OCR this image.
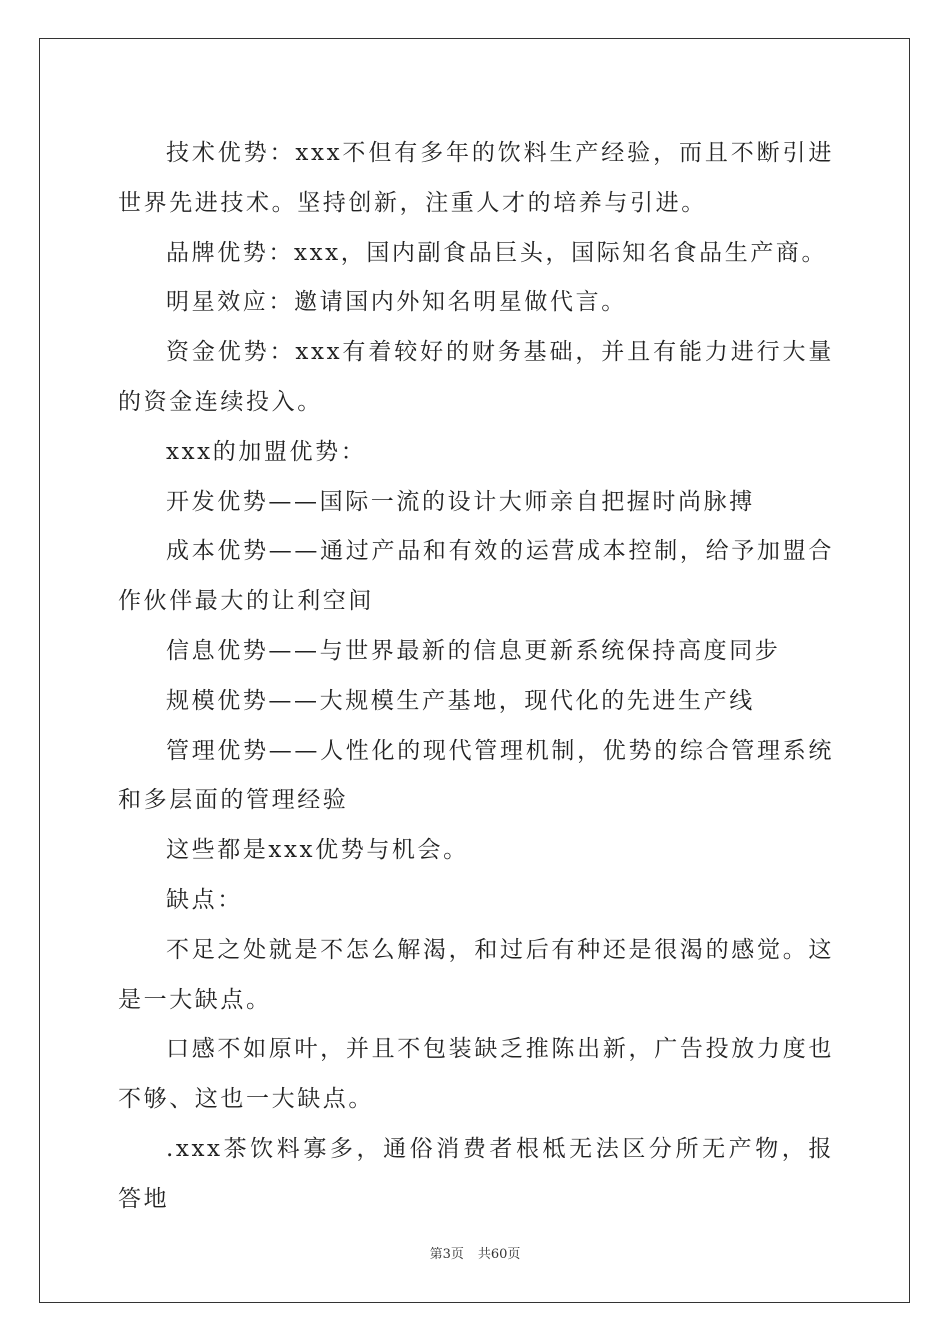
技术优势：xxx不但有多年的饮料生产经验，而且不断引进世界先进技术。坚持创新，注重人才的培养与引进。

品牌优势：xxx，国内副食品巨头，国际知名食品生产商。

明星效应：邀请国内外知名明星做代言。

资金优势：xxx有着较好的财务基础，并且有能力进行大量的资金连续投入。

xxx的加盟优势：

开发优势——国际一流的设计大师亲自把握时尚脉搏

成本优势——通过产品和有效的运营成本控制，给予加盟合作伙伴最大的让利空间

信息优势——与世界最新的信息更新系统保持高度同步

规模优势——大规模生产基地，现代化的先进生产线

管理优势——人性化的现代管理机制，优势的综合管理系统和多层面的管理经验

这些都是xxx优势与机会。

缺点：

不足之处就是不怎么解渴，和过后有种还是很渴的感觉。这是一大缺点。

口感不如原叶，并且不包装缺乏推陈出新，广告投放力度也不够、这也一大缺点。

.xxx茶饮料寡多，通俗消费者根柢无法区分所无产物，报答地

第3页 共60页
